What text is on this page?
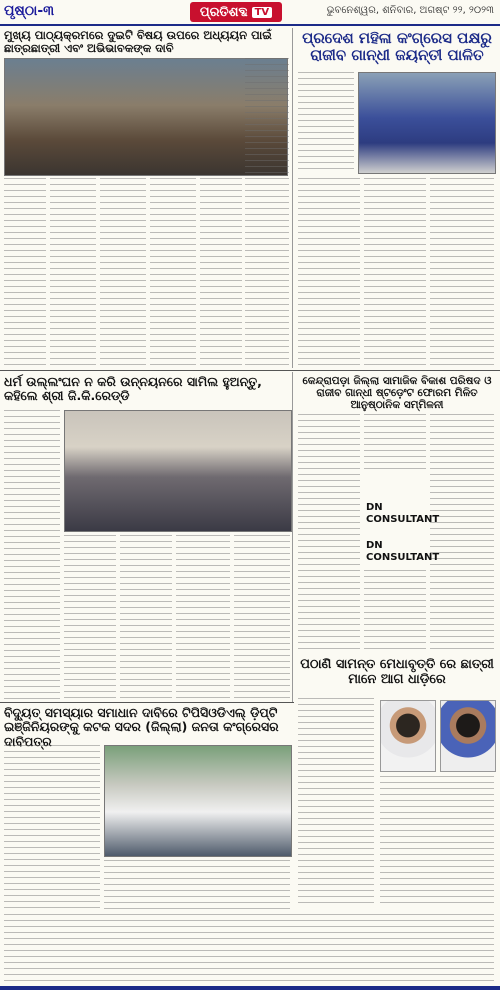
ପୃଷ୍ଠା-୩	ପ୍ରତିଶବ୍ଦ TV	ଭୁବନେଶ୍ୱର, ଶନିବାର, ଅଗଷ୍ଟ ୨୨, ୨୦୨୩
ମୁଖ୍ୟ ପାଠ୍ୟକ୍ରମରେ ଦୁଇଟି ବିଷୟ ଉପରେ ଅଧ୍ୟୟନ ପାଇଁ ଛାତ୍ରଛାତ୍ରୀ ଏବଂ ଅଭିଭାବକଙ୍କ ଦାବି
ପ୍ରଦେଶ ମହିଳା କଂଗ୍ରେସ ପକ୍ଷରୁ ରାଜୀବ ଗାନ୍ଧୀ ଜୟନ୍ତୀ ପାଳିତ
ଧର୍ମ ଉଲ୍ଲଂଘନ ନ କରି ଉନ୍ନୟନରେ ସାମିଲ ହୁଅନ୍ତୁ, କହିଲେ ଶ୍ରୀ ଜି.କି.ରେଡ୍ଡି
କେନ୍ଦ୍ରାପଡ଼ା ଜିଲ୍ଲା ସାମାଜିକ ବିକାଶ ପରିଷଦ ଓ ରାଜୀବ ଗାନ୍ଧୀ ଷ୍ଟଡ଼େଂଟ ଫୋରମ ମିଳିତ ଆନୁଷ୍ଠାନିକ ସମ୍ମିଳନୀ
DN
CONSULTANT
DN
CONSULTANT
ପଠାଣି ସାମନ୍ତ ମେଧାବୃତ୍ତି ରେ ଛାତ୍ରୀ ମାନେ ଆଗ ଧାଡ଼ିରେ
ବିଦ୍ୟୁତ୍ ସମସ୍ୟାର ସମାଧାନ ଦାବିରେ ଟିପିସିଓଡିଏଲ୍ ଡ଼ିପ୍ଟି ଇଞ୍ଜିନିୟରଙ୍କୁ କଟକ ସଦର (ଜିଲ୍ଲା) ଜନତା କଂଗ୍ରେସର ଦାବିପତ୍ର
